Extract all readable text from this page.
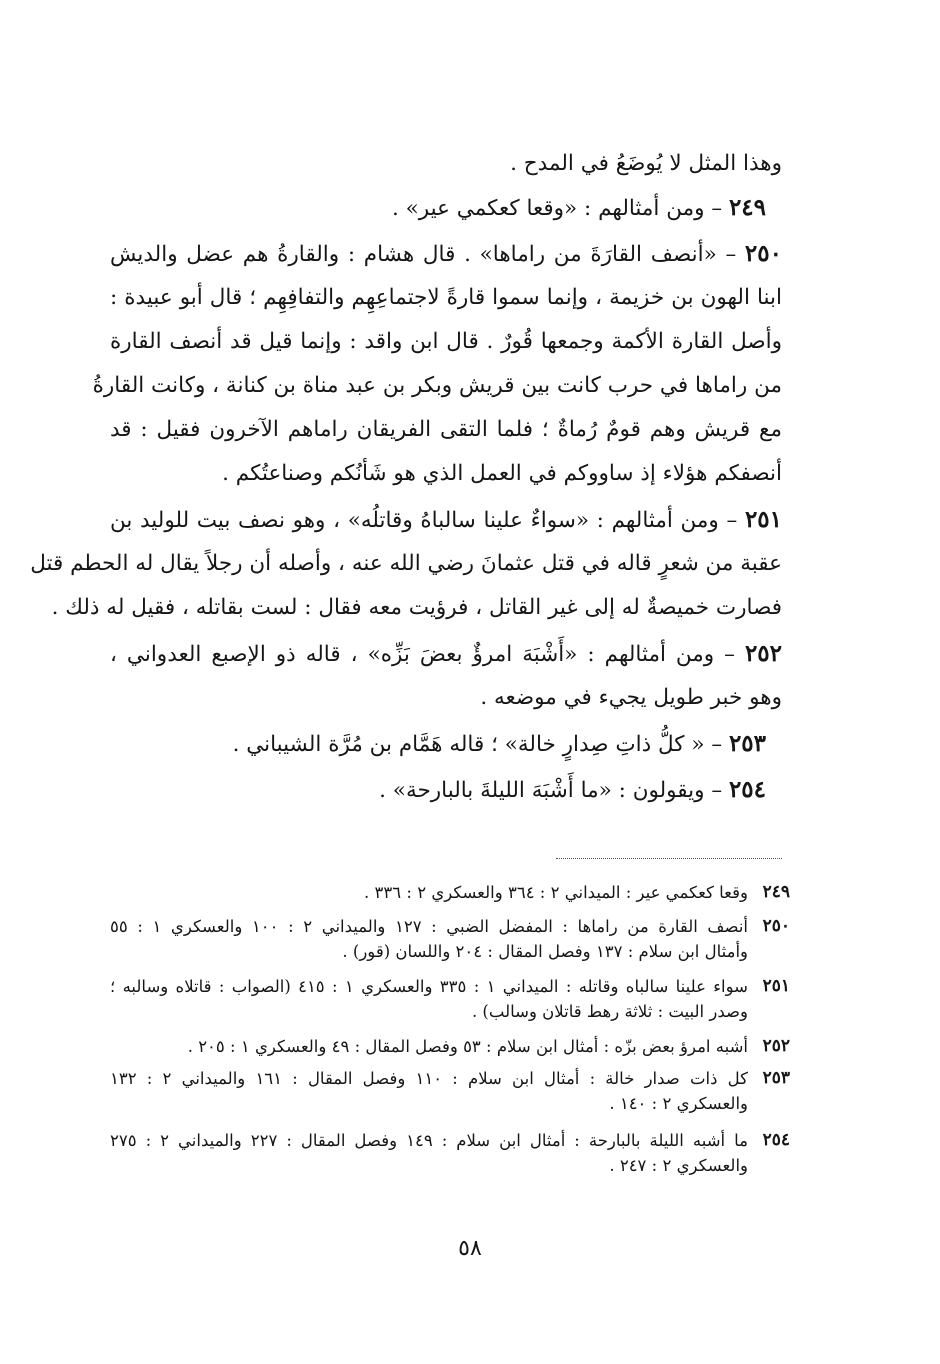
وهذا المثل لا يُوضَعُ في المدح .
٢٤٩ – ومن أمثالهم : «وقعا كعكمي عير» .
٢٥٠ – «أنصف القارَةَ من راماها» . قال هشام : والقارةُ هم عضل والديش
ابنا الهون بن خزيمة ، وإنما سموا قارةً لاجتماعِهِم والتفافِهِم ؛ قال أبو عبيدة :
وأصل القارة الأكمة وجمعها قُورٌ . قال ابن واقد : وإنما قيل قد أنصف القارة
من راماها في حرب كانت بين قريش وبكر بن عبد مناة بن كنانة ، وكانت القارةُ
مع قريش وهم قومٌ رُماةٌ ؛ فلما التقى الفريقان راماهم الآخرون فقيل : قد
أنصفكم هؤلاء إذ ساووكم في العمل الذي هو شَأنُكم وصناعتُكم .
٢٥١ – ومن أمثالهم : «سواءٌ علينا سالباهُ وقاتلُه» ، وهو نصف بيت للوليد بن
عقبة من شعرٍ قاله في قتل عثمانَ رضي الله عنه ، وأصله أن رجلاً يقال له الحطم قتل
فصارت خميصةٌ له إلى غير القاتل ، فرؤيت معه فقال : لست بقاتله ، فقيل له ذلك .
٢٥٢ – ومن أمثالهم : «أَشْبَهَ امرؤٌ بعضَ بَزِّه» ، قاله ذو الإصبع العدواني ،
وهو خبر طويل يجيء في موضعه .
٢٥٣ – « كلُّ ذاتِ صِدارٍ خالة» ؛ قاله هَمَّام بن مُرَّة الشيباني .
٢٥٤ – ويقولون : «ما أَشْبَهَ الليلةَ بالبارحة» .
٢٤٩
وقعا كعكمي عير : الميداني ٢ : ٣٦٤ والعسكري ٢ : ٣٣٦ .
٢٥٠
أنصف القارة من راماها : المفضل الضبي : ١٢٧ والميداني ٢ : ١٠٠ والعسكري ١ : ٥٥
وأمثال ابن سلام : ١٣٧ وفصل المقال : ٢٠٤ واللسان (قور) .
٢٥١
سواء علينا سالباه وقاتله : الميداني ١ : ٣٣٥ والعسكري ١ : ٤١٥ (الصواب : قاتلاه وسالبه ؛
وصدر البيت : ثلاثة رهط قاتلان وسالب) .
٢٥٢
أشبه امرؤ بعض بزّه : أمثال ابن سلام : ٥٣ وفصل المقال : ٤٩ والعسكري ١ : ٢٠٥ .
٢٥٣
كل ذات صدار خالة : أمثال ابن سلام : ١١٠ وفصل المقال : ١٦١ والميداني ٢ : ١٣٢
والعسكري ٢ : ١٤٠ .
٢٥٤
ما أشبه الليلة بالبارحة : أمثال ابن سلام : ١٤٩ وفصل المقال : ٢٢٧ والميداني ٢ : ٢٧٥
والعسكري ٢ : ٢٤٧ .
٥٨
